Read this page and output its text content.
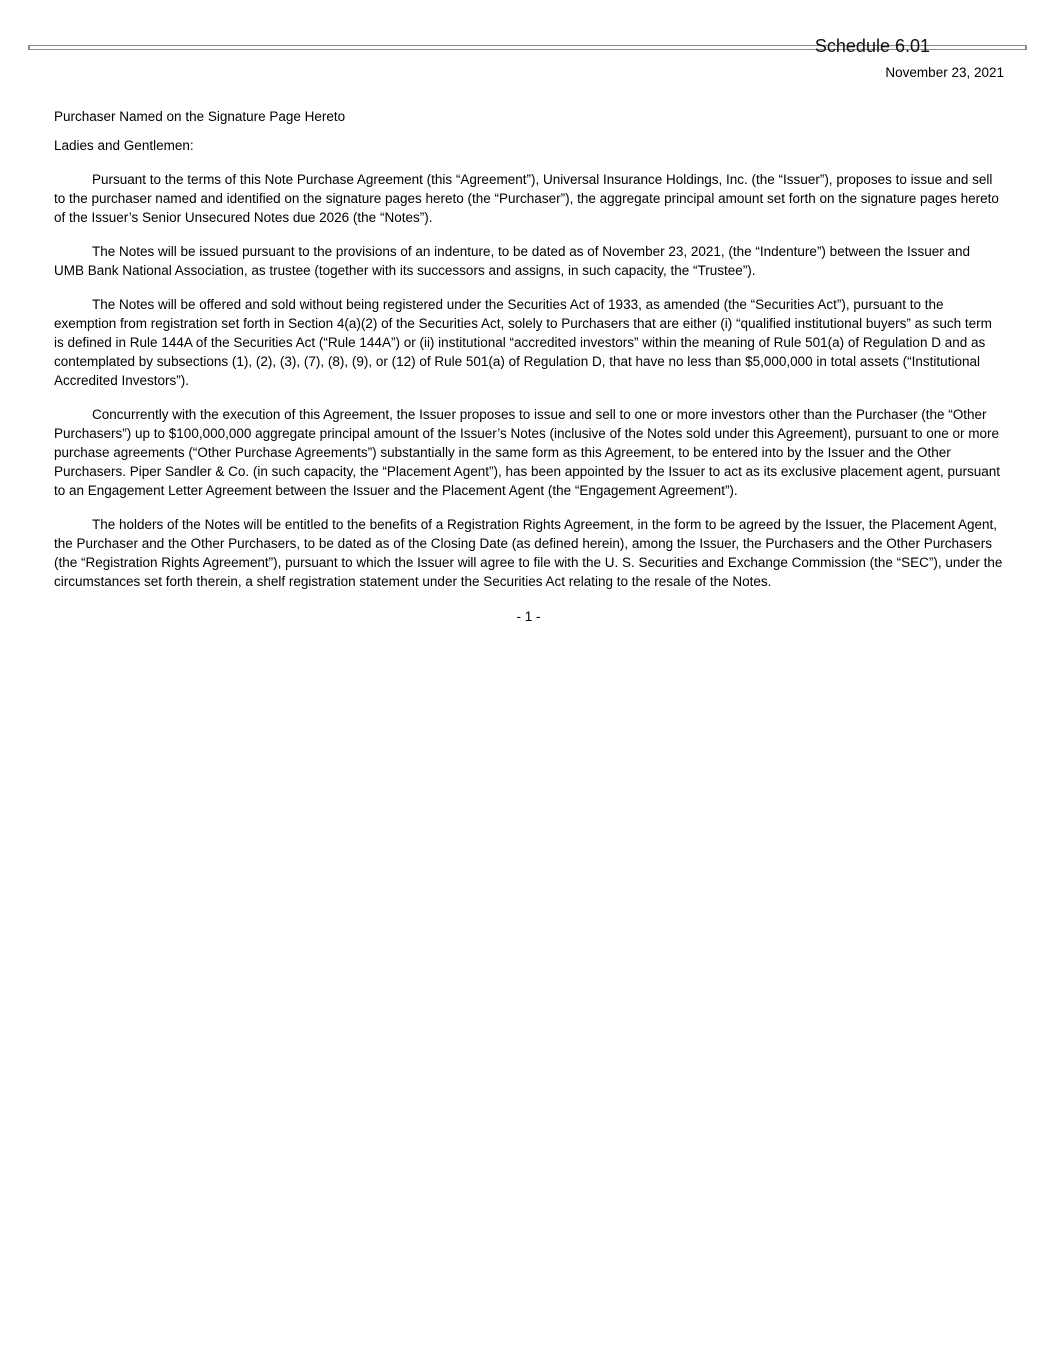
Schedule 6.01
November 23, 2021
Purchaser Named on the Signature Page Hereto
Ladies and Gentlemen:

Pursuant to the terms of this Note Purchase Agreement (this “Agreement”), Universal Insurance Holdings, Inc. (the “Issuer”), proposes to issue and sell to the purchaser named and identified on the signature pages hereto (the “Purchaser”), the aggregate principal amount set forth on the signature pages hereto of the Issuer’s Senior Unsecured Notes due 2026 (the “Notes”).

The Notes will be issued pursuant to the provisions of an indenture, to be dated as of November 23, 2021, (the “Indenture”) between the Issuer and UMB Bank National Association, as trustee (together with its successors and assigns, in such capacity, the “Trustee”).

The Notes will be offered and sold without being registered under the Securities Act of 1933, as amended (the “Securities Act”), pursuant to the exemption from registration set forth in Section 4(a)(2) of the Securities Act, solely to Purchasers that are either (i) “qualified institutional buyers” as such term is defined in Rule 144A of the Securities Act (“Rule 144A”) or (ii) institutional “accredited investors” within the meaning of Rule 501(a) of Regulation D and as contemplated by subsections (1), (2), (3), (7), (8), (9), or (12) of Rule 501(a) of Regulation D, that have no less than $5,000,000 in total assets (“Institutional Accredited Investors”).

Concurrently with the execution of this Agreement, the Issuer proposes to issue and sell to one or more investors other than the Purchaser (the “Other Purchasers”) up to $100,000,000 aggregate principal amount of the Issuer’s Notes (inclusive of the Notes sold under this Agreement), pursuant to one or more purchase agreements (“Other Purchase Agreements”) substantially in the same form as this Agreement, to be entered into by the Issuer and the Other Purchasers. Piper Sandler & Co. (in such capacity, the “Placement Agent”), has been appointed by the Issuer to act as its exclusive placement agent, pursuant to an Engagement Letter Agreement between the Issuer and the Placement Agent (the “Engagement Agreement”).

The holders of the Notes will be entitled to the benefits of a Registration Rights Agreement, in the form to be agreed by the Issuer, the Placement Agent, the Purchaser and the Other Purchasers, to be dated as of the Closing Date (as defined herein), among the Issuer, the Purchasers and the Other Purchasers (the “Registration Rights Agreement”), pursuant to which the Issuer will agree to file with the U. S. Securities and Exchange Commission (the “SEC”), under the circumstances set forth therein, a shelf registration statement under the Securities Act relating to the resale of the Notes.

- 1 -
